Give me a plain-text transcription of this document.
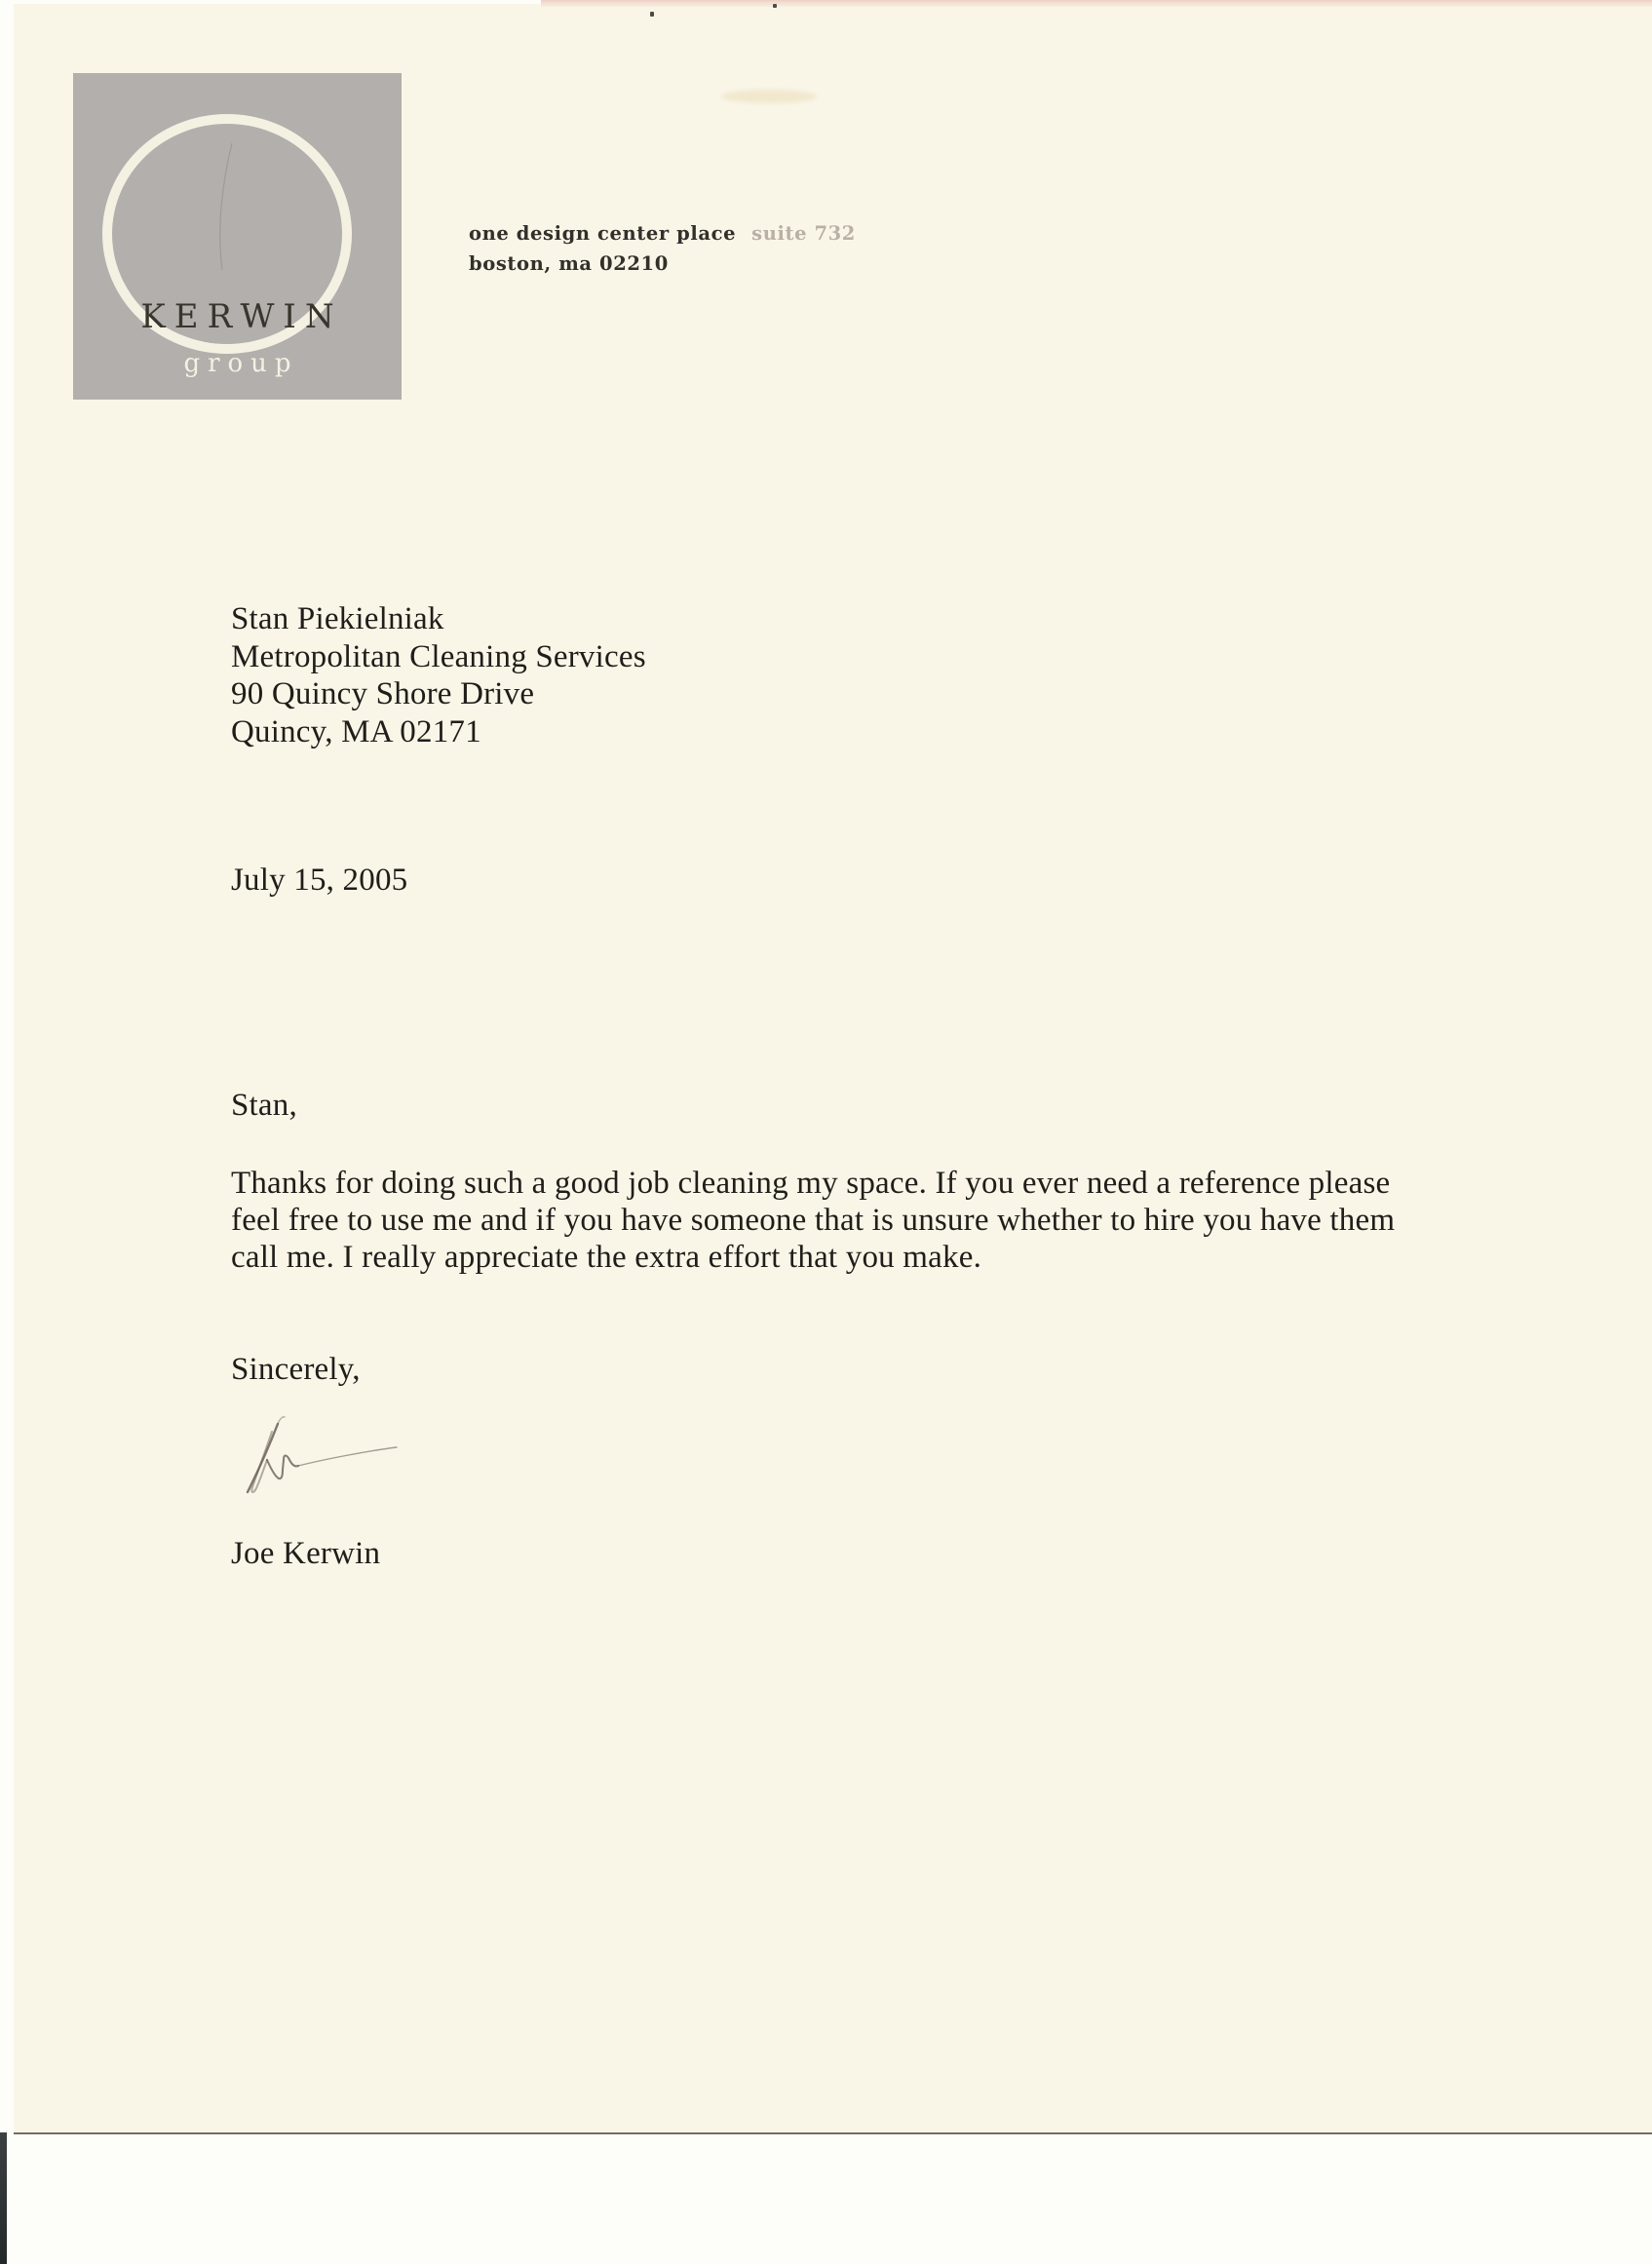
KERWIN
group
one design center place suite 732
boston, ma 02210
Stan Piekielniak
Metropolitan Cleaning Services
90 Quincy Shore Drive
Quincy, MA 02171
July 15, 2005
Stan,
Thanks for doing such a good job cleaning my space. If you ever need a reference please feel free to use me and if you have someone that is unsure whether to hire you have them call me. I really appreciate the extra effort that you make.
Sincerely,
Joe Kerwin
